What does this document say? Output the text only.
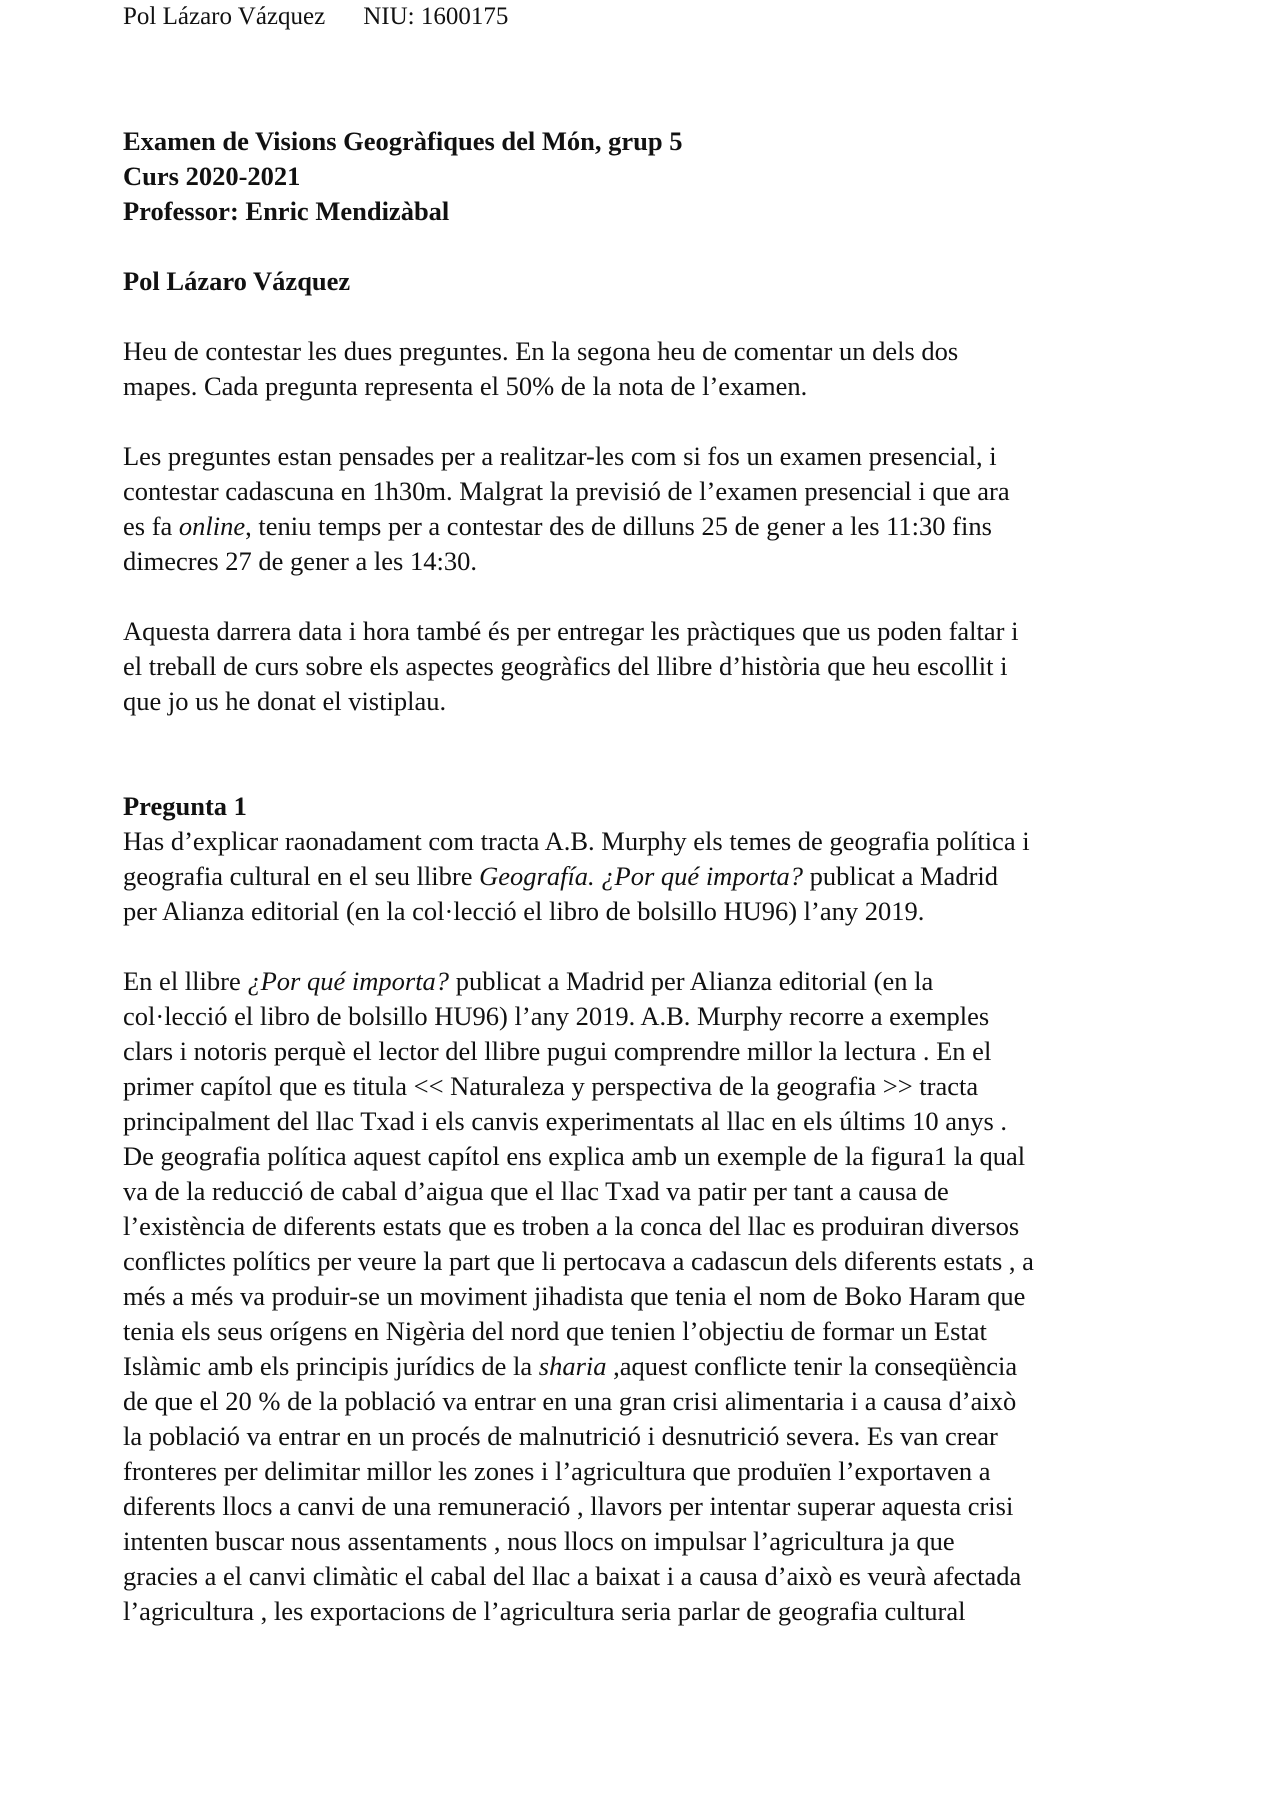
Pol Lázaro Vázquez NIU: 1600175

Examen de Visions Geogràfiques del Món, grup 5
Curs 2020-2021
Professor: Enric Mendizàbal

Pol Lázaro Vázquez

Heu de contestar les dues preguntes. En la segona heu de comentar un dels dos
mapes. Cada pregunta representa el 50% de la nota de l’examen.

Les preguntes estan pensades per a realitzar-les com si fos un examen presencial, i
contestar cadascuna en 1h30m. Malgrat la previsió de l’examen presencial i que ara
es fa online, teniu temps per a contestar des de dilluns 25 de gener a les 11:30 fins
dimecres 27 de gener a les 14:30.

Aquesta darrera data i hora també és per entregar les pràctiques que us poden faltar i
el treball de curs sobre els aspectes geogràfics del llibre d’història que heu escollit i
que jo us he donat el vistiplau.

Pregunta 1

Has d’explicar raonadament com tracta A.B. Murphy els temes de geografia política i
geografia cultural en el seu llibre Geografía. ¿Por qué importa? publicat a Madrid
per Alianza editorial (en la col·lecció el libro de bolsillo HU96) l’any 2019.

En el llibre ¿Por qué importa? publicat a Madrid per Alianza editorial (en la
col·lecció el libro de bolsillo HU96) l’any 2019. A.B. Murphy recorre a exemples
clars i notoris perquè el lector del llibre pugui comprendre millor la lectura . En el
primer capítol que es titula << Naturaleza y perspectiva de la geografia >> tracta
principalment del llac Txad i els canvis experimentats al llac en els últims 10 anys .
De geografia política aquest capítol ens explica amb un exemple de la figura1 la qual
va de la reducció de cabal d’aigua que el llac Txad va patir per tant a causa de
l’existència de diferents estats que es troben a la conca del llac es produiran diversos
conflictes polítics per veure la part que li pertocava a cadascun dels diferents estats , a
més a més va produir-se un moviment jihadista que tenia el nom de Boko Haram que
tenia els seus orígens en Nigèria del nord que tenien l’objectiu de formar un Estat
Islàmic amb els principis jurídics de la sharia ,aquest conflicte tenir la conseqüència
de que el 20 % de la població va entrar en una gran crisi alimentaria i a causa d’això
la població va entrar en un procés de malnutrició i desnutrició severa. Es van crear
fronteres per delimitar millor les zones i l’agricultura que produïen l’exportaven a
diferents llocs a canvi de una remuneració , llavors per intentar superar aquesta crisi
intenten buscar nous assentaments , nous llocs on impulsar l’agricultura ja que
gracies a el canvi climàtic el cabal del llac a baixat i a causa d’això es veurà afectada
l’agricultura , les exportacions de l’agricultura seria parlar de geografia cultural
